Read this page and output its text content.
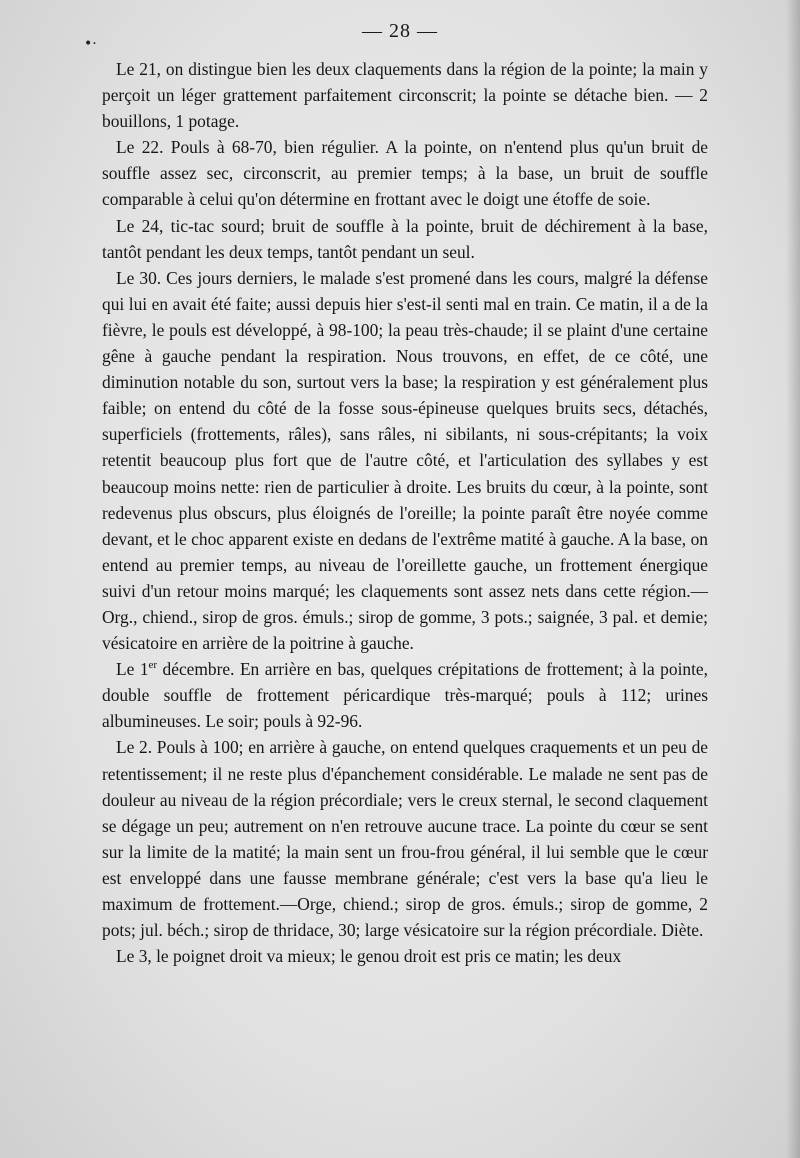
•·
— 28 —

Le 21, on distingue bien les deux claquements dans la région de la pointe; la main y perçoit un léger grattement parfaitement circonscrit; la pointe se détache bien. — 2 bouillons, 1 potage.

Le 22. Pouls à 68-70, bien régulier. A la pointe, on n'entend plus qu'un bruit de souffle assez sec, circonscrit, au premier temps; à la base, un bruit de souffle comparable à celui qu'on détermine en frottant avec le doigt une étoffe de soie.

Le 24, tic-tac sourd; bruit de souffle à la pointe, bruit de déchirement à la base, tantôt pendant les deux temps, tantôt pendant un seul.

Le 30. Ces jours derniers, le malade s'est promené dans les cours, malgré la défense qui lui en avait été faite; aussi depuis hier s'est-il senti mal en train. Ce matin, il a de la fièvre, le pouls est développé, à 98-100; la peau très-chaude; il se plaint d'une certaine gêne à gauche pendant la respiration. Nous trouvons, en effet, de ce côté, une diminution notable du son, surtout vers la base; la respiration y est généralement plus faible; on entend du côté de la fosse sous-épineuse quelques bruits secs, détachés, superficiels (frottements, râles), sans râles, ni sibilants, ni sous-crépitants; la voix retentit beaucoup plus fort que de l'autre côté, et l'articulation des syllabes y est beaucoup moins nette: rien de particulier à droite. Les bruits du cœur, à la pointe, sont redevenus plus obscurs, plus éloignés de l'oreille; la pointe paraît être noyée comme devant, et le choc apparent existe en dedans de l'extrême matité à gauche. A la base, on entend au premier temps, au niveau de l'oreillette gauche, un frottement énergique suivi d'un retour moins marqué; les claquements sont assez nets dans cette région.— Org., chiend., sirop de gros. émuls.; sirop de gomme, 3 pots.; saignée, 3 pal. et demie; vésicatoire en arrière de la poitrine à gauche.

Le 1er décembre. En arrière en bas, quelques crépitations de frottement; à la pointe, double souffle de frottement péricardique très-marqué; pouls à 112; urines albumineuses. Le soir; pouls à 92-96.

Le 2. Pouls à 100; en arrière à gauche, on entend quelques craquements et un peu de retentissement; il ne reste plus d'épanchement considérable. Le malade ne sent pas de douleur au niveau de la région précordiale; vers le creux sternal, le second claquement se dégage un peu; autrement on n'en retrouve aucune trace. La pointe du cœur se sent sur la limite de la matité; la main sent un frou-frou général, il lui semble que le cœur est enveloppé dans une fausse membrane générale; c'est vers la base qu'a lieu le maximum de frottement.—Orge, chiend.; sirop de gros. émuls.; sirop de gomme, 2 pots; jul. béch.; sirop de thridace, 30; large vésicatoire sur la région précordiale. Diète.

Le 3, le poignet droit va mieux; le genou droit est pris ce matin; les deux
